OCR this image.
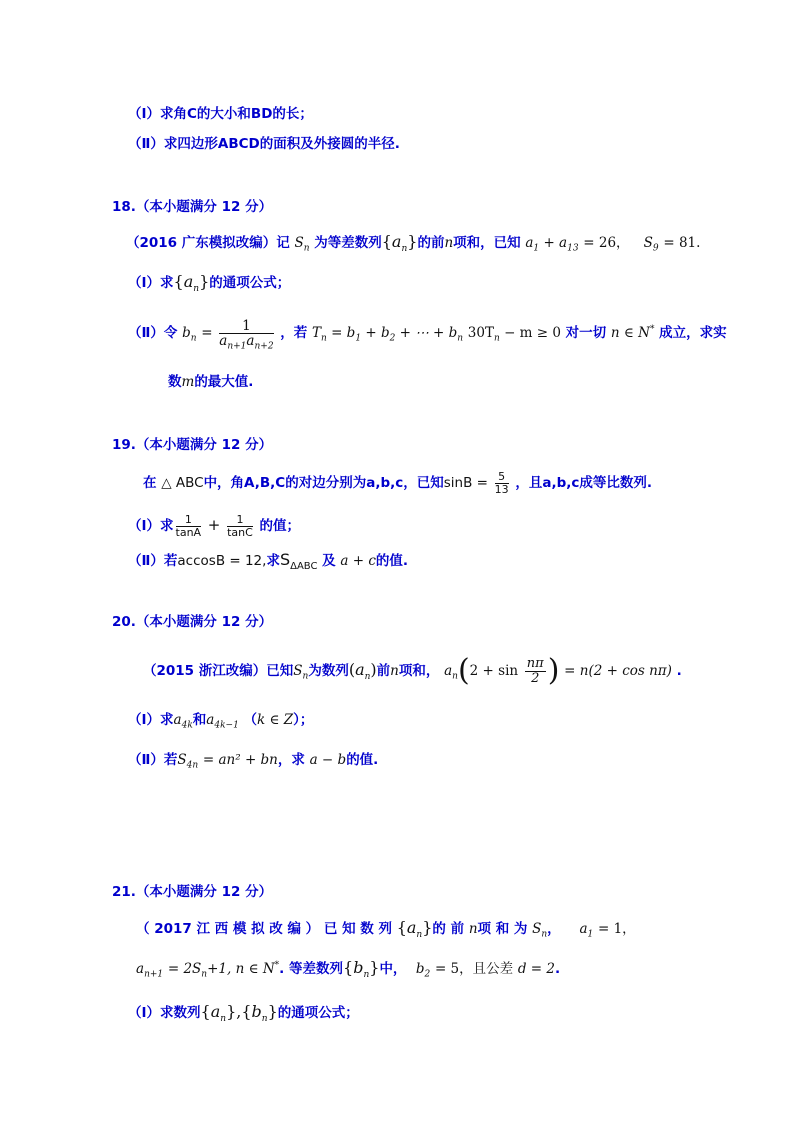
（Ⅰ）求角C的大小和BD的长；
（Ⅱ）求四边形ABCD的面积及外接圆的半径.
18.（本小题满分 12 分）
（2016 广东模拟改编）记 $S_n$ 为等差数列$\{a_n\}$的前n项和，已知 $a_1 + a_{13} = 26$， $S_9 = 81$.
（Ⅰ）求$\{a_n\}$的通项公式；
（Ⅱ）令 $b_n = \frac{1}{a_{n+1}a_{n+2}}$ ，若 $T_n = b_1 + b_2$ + ⋯ + $b_n$ $30T_n - m \ge 0$ 对一切 n ∈ N* 成立，求实
数m的最大值.
19.（本小题满分 12 分）
在 △ ABC中，角A,B,C的对边分别为a,b,c，已知$\sin B = \frac{5}{13}$ ，且a,b,c成等比数列.
（Ⅰ）求 $\frac{1}{\tan A} + \frac{1}{\tan C}$ 的值；
（Ⅱ）若accosB = 12,求$S_{\Delta ABC}$ 及 a + c的值.
20.（本小题满分 12 分）
（2015 浙江改编）已知$S_n$为数列$(a_n)$前n项和， $a_n(2 + \sin \frac{n\pi}{2}$ ) = n(2 + cos nπ) .
（Ⅰ）求$a_{4k}$和$a_{4k-1}$ （k ∈ Z）；
（Ⅱ）若$S_{4n} = an^2$ + bn，求 a − b的值.
21.（本小题满分 12 分）
（ 2017 江 西 模 拟 改 编 ） 已 知 数 列 $\{a_n\}$的 前 n项 和 为 $S_n$， $a_1 = 1$，
$a_{n+1} = 2S_n+1$, n ∈ N*. 等差数列$\{b_n\}$中， $b_2 = 5$，且公差 d = 2.
（Ⅰ）求数列$\{a_n\},\{b_n\}$的通项公式；
